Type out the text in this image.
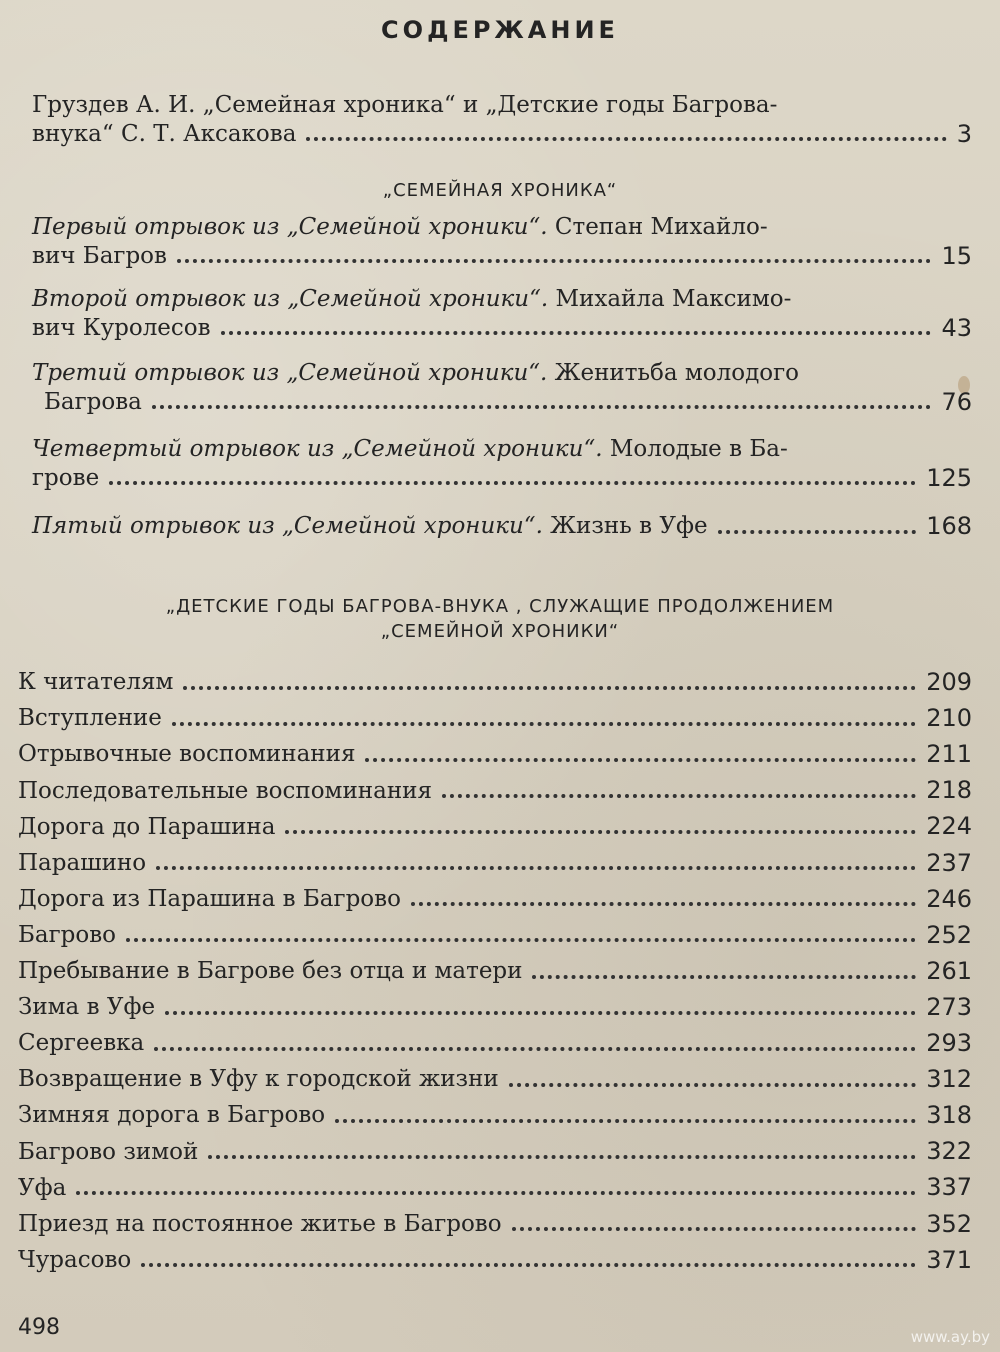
СОДЕРЖАНИЕ
Груздев А. И. „Семейная хроника“ и „Детские годы Багрова-
внука“ С. Т. Аксакова	3
„СЕМЕЙНАЯ ХРОНИКА“
Первый отрывок из „Семейной хроники“. Степан Михайло-
вич Багров	15
Второй отрывок из „Семейной хроники“. Михайла Максимо-
вич Куролесов	43
Третий отрывок из „Семейной хроники“. Женитьба молодого
Багрова	76
Четвертый отрывок из „Семейной хроники“. Молодые в Ба-
грове	125
Пятый отрывок из „Семейной хроники“. Жизнь в Уфе	168
„ДЕТСКИЕ ГОДЫ БАГРОВА-ВНУКА , СЛУЖАЩИЕ ПРОДОЛЖЕНИЕМ
„СЕМЕЙНОЙ ХРОНИКИ“
К читателям	209
Вступление	210
Отрывочные воспоминания	211
Последовательные воспоминания	218
Дорога до Парашина	224
Парашино	237
Дорога из Парашина в Багрово	246
Багрово	252
Пребывание в Багрове без отца и матери	261
Зима в Уфе	273
Сергеевка	293
Возвращение в Уфу к городской жизни	312
Зимняя дорога в Багрово	318
Багрово зимой	322
Уфа	337
Приезд на постоянное житье в Багрово	352
Чурасово	371
498	www.ay.by
